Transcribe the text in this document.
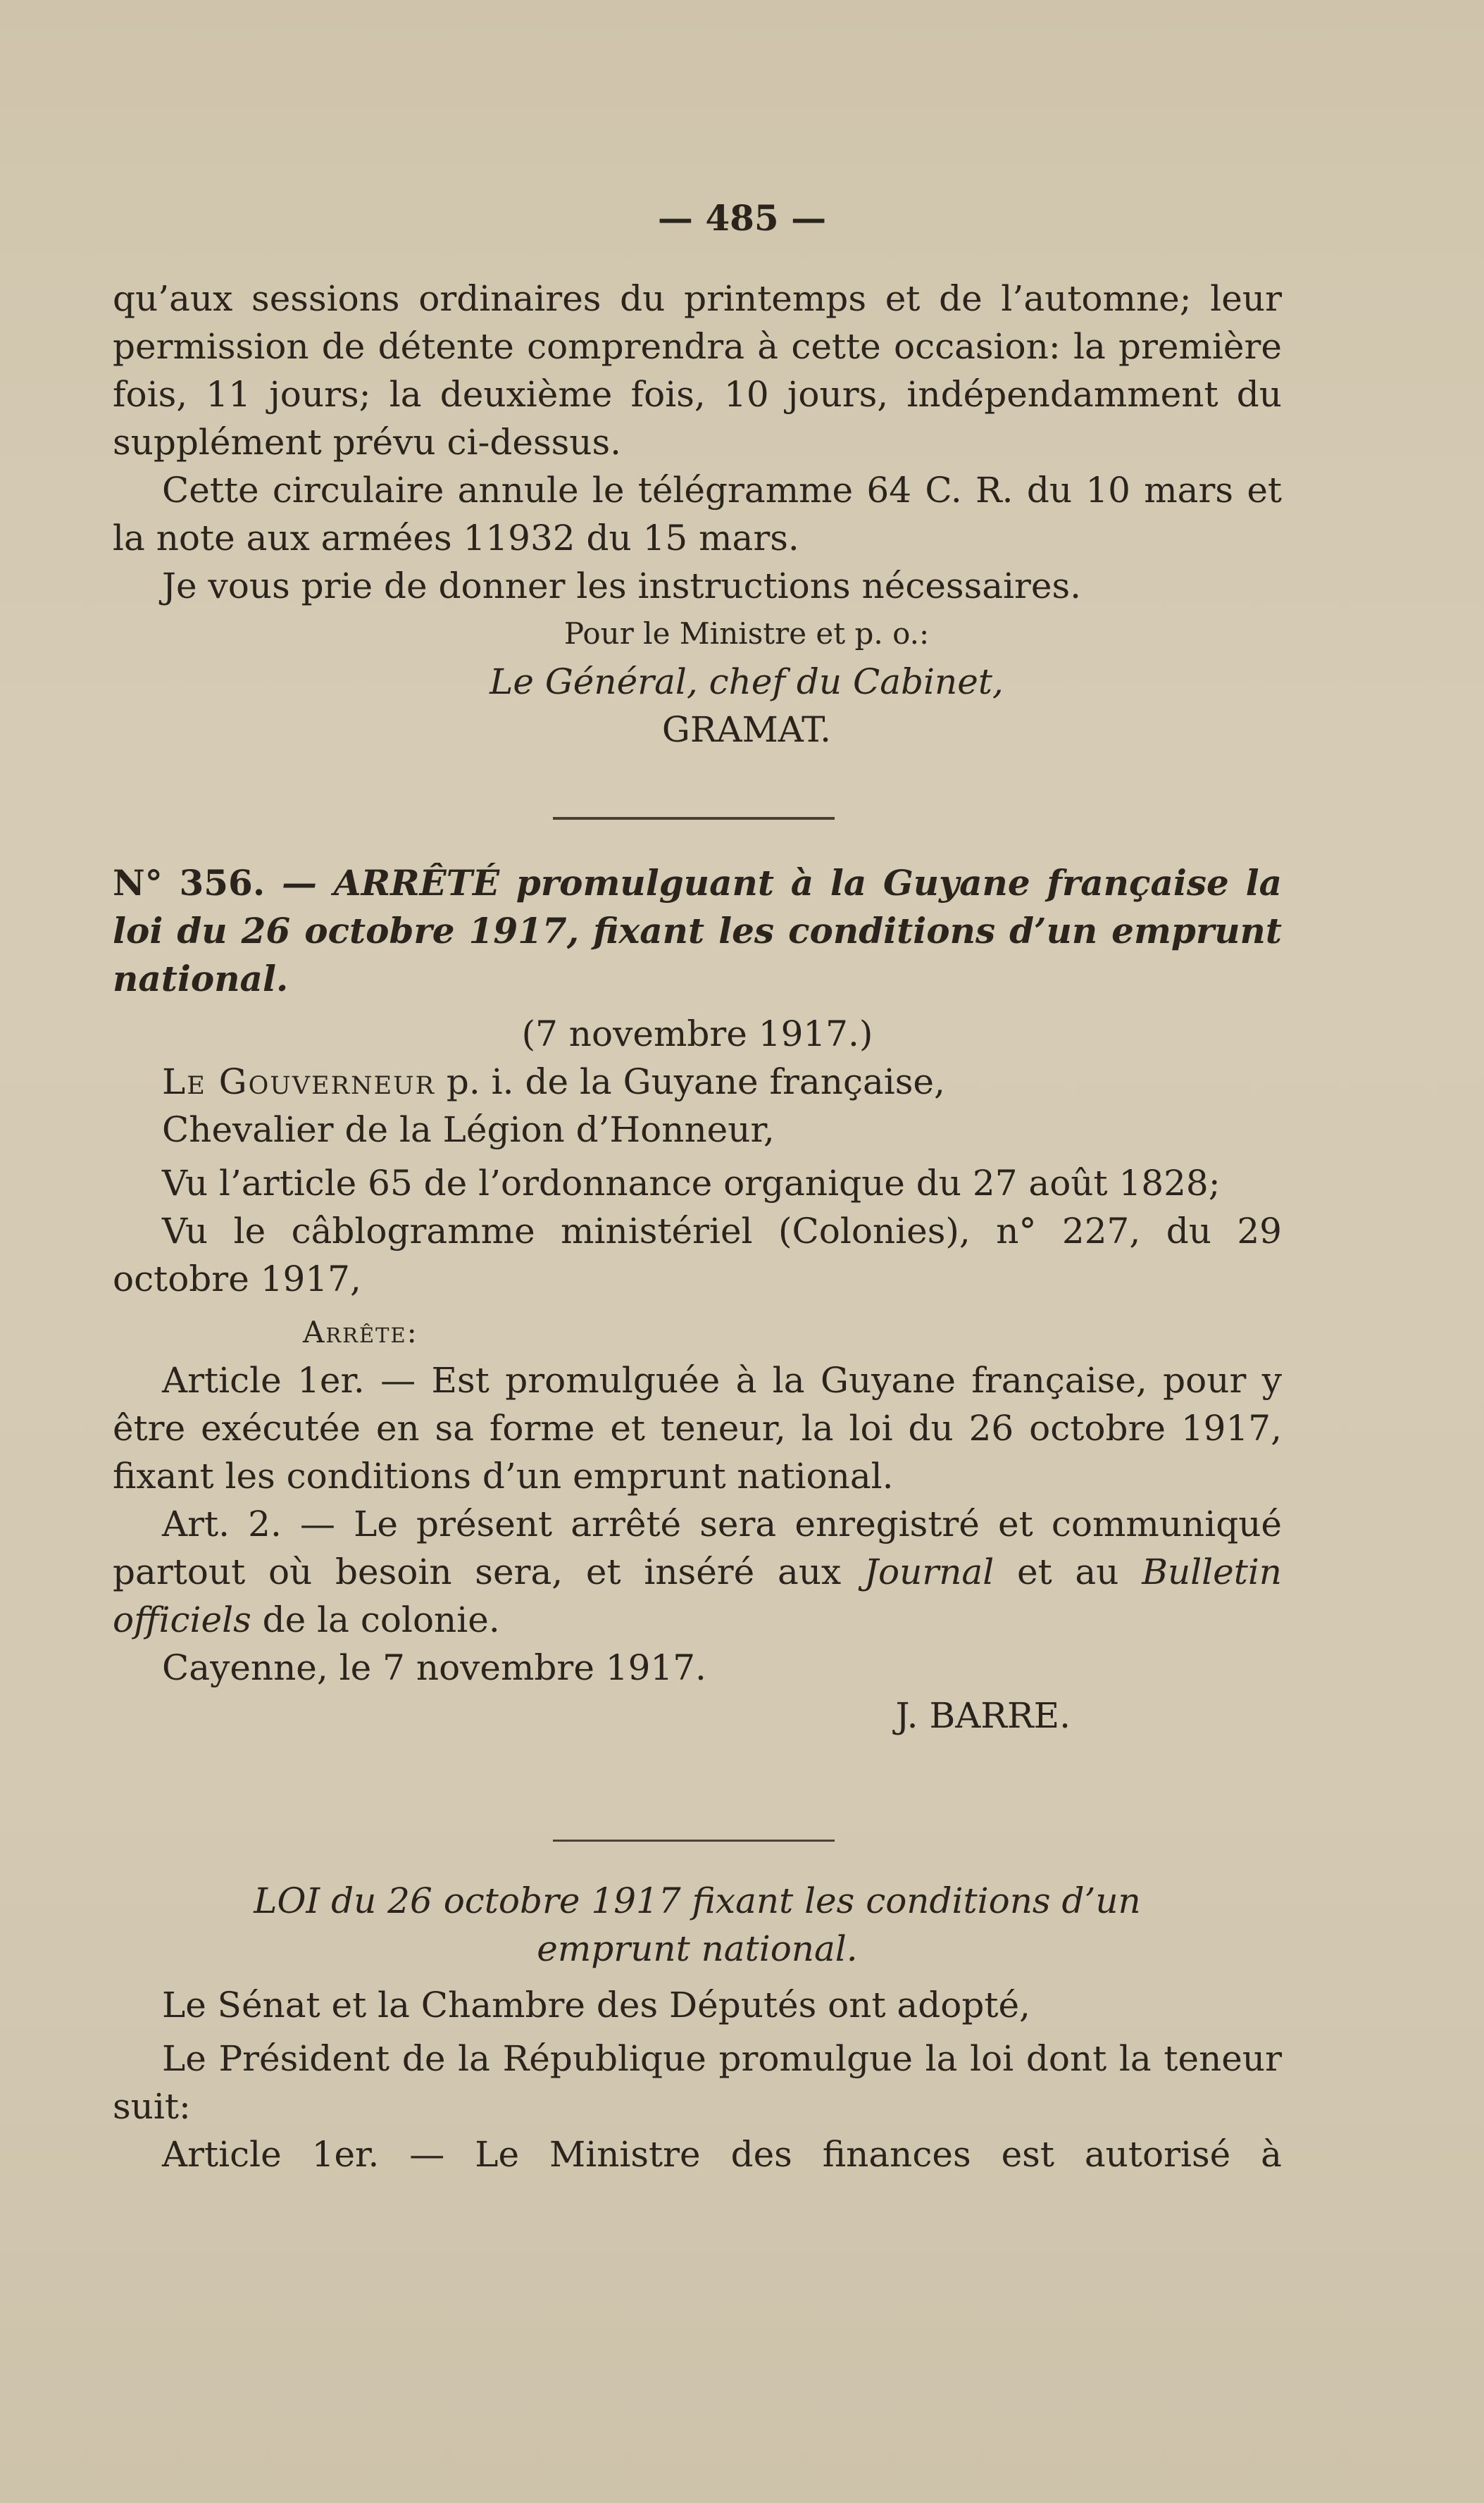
— 485 —

qu’aux sessions ordinaires du printemps et de l’automne; leur permission de détente comprendra à cette occasion: la première fois, 11 jours; la deuxième fois, 10 jours, indépendamment du supplément prévu ci-dessus.

Cette circulaire annule le télégramme 64 C. R. du 10 mars et la note aux armées 11932 du 15 mars.

Je vous prie de donner les instructions nécessaires.

Pour le Ministre et p. o.:

Le Général, chef du Cabinet,

GRAMAT.

N° 356. — ARRÊTÉ promulguant à la Guyane française la loi du 26 octobre 1917, fixant les conditions d’un emprunt national.

(7 novembre 1917.)

Le Gouverneur p. i. de la Guyane française,

Chevalier de la Légion d’Honneur,

Vu l’article 65 de l’ordonnance organique du 27 août 1828;

Vu le câblogramme ministériel (Colonies), n° 227, du 29 octobre 1917,

Arrête:

Article 1er. — Est promulguée à la Guyane française, pour y être exécutée en sa forme et teneur, la loi du 26 octobre 1917, fixant les conditions d’un emprunt national.

Art. 2. — Le présent arrêté sera enregistré et communiqué partout où besoin sera, et inséré aux Journal et au Bulletin officiels de la colonie.

Cayenne, le 7 novembre 1917.

J. BARRE.

LOI du 26 octobre 1917 fixant les conditions d’un emprunt national.

Le Sénat et la Chambre des Députés ont adopté,

Le Président de la République promulgue la loi dont la teneur suit:

Article 1er. — Le Ministre des finances est autorisé à
